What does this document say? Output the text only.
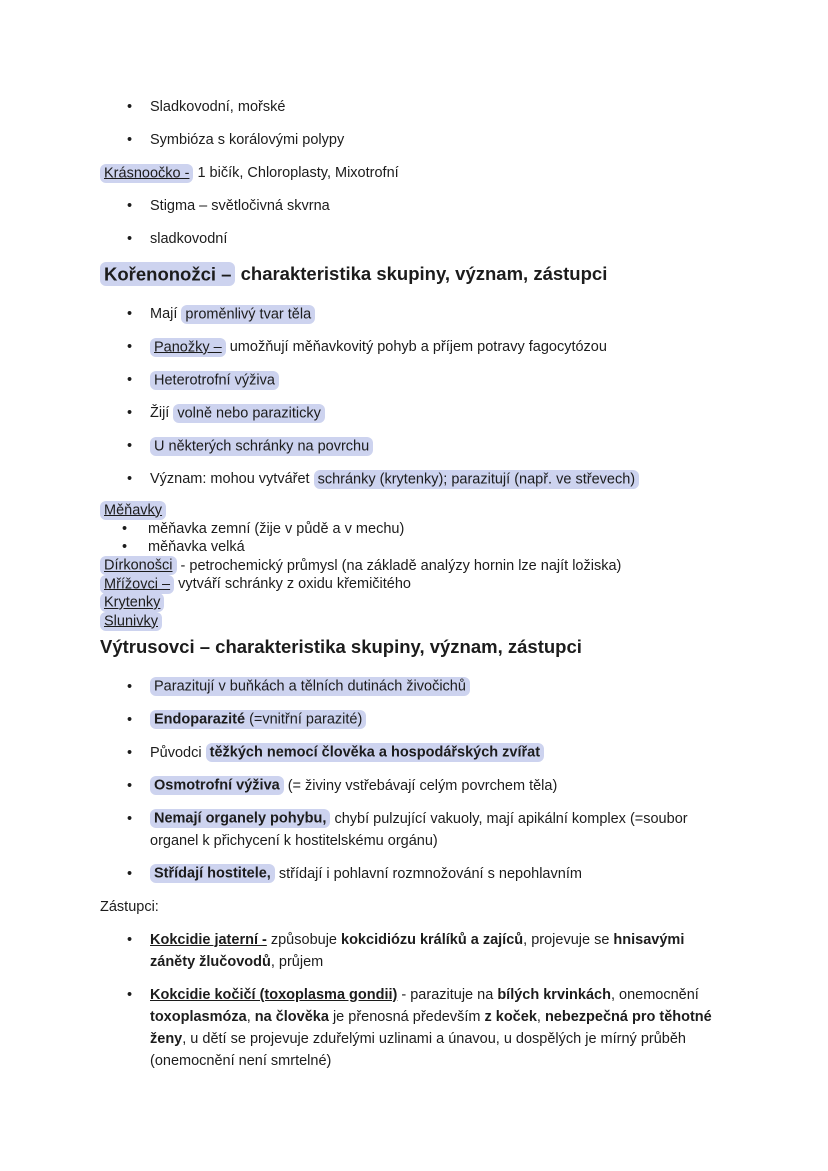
•	Sladkovodní, mořské
•	Symbióza s korálovými polypy
Krásnoočko - 1 bičík, Chloroplasty, Mixotrofní
•	Stigma – světločivná skvrna
•	sladkovodní
Kořenonožci – charakteristika skupiny, význam, zástupci
•	Mají proměnlivý tvar těla
•	Panožky – umožňují měňavkovitý pohyb a příjem potravy fagocytózou
•	Heterotrofní výživa
•	Žijí volně nebo paraziticky
•	U některých schránky na povrchu
•	Význam: mohou vytvářet schránky (krytenky); parazitují (např. ve střevech)
Měňavky
•	měňavka zemní (žije v půdě a v mechu)
•	měňavka velká
Dírkonošci - petrochemický průmysl (na základě analýzy hornin lze najít ložiska)
Mřížovci – vytváří schránky z oxidu křemičitého
Krytenky
Slunivky
Výtrusovci – charakteristika skupiny, význam, zástupci
•	Parazitují v buňkách a tělních dutinách živočichů
•	Endoparazité (=vnitřní parazité)
•	Původci těžkých nemocí člověka a hospodářských zvířat
•	Osmotrofní výživa (= živiny vstřebávají celým povrchem těla)
•	Nemají organely pohybu, chybí pulzující vakuoly, mají apikální komplex (=soubor organel k přichycení k hostitelskému orgánu)
•	Střídají hostitele, střídají i pohlavní rozmnožování s nepohlavním
Zástupci:
•	Kokcidie jaterní - způsobuje kokcidiózu králíků a zajíců, projevuje se hnisavými záněty žlučovodů, průjem
•	Kokcidie kočičí (toxoplasma gondii) - parazituje na bílých krvinkách, onemocnění toxoplasmóza, na člověka je přenosná především z koček, nebezpečná pro těhotné ženy, u dětí se projevuje zduřelými uzlinami a únavou, u dospělých je mírný průběh (onemocnění není smrtelné)
